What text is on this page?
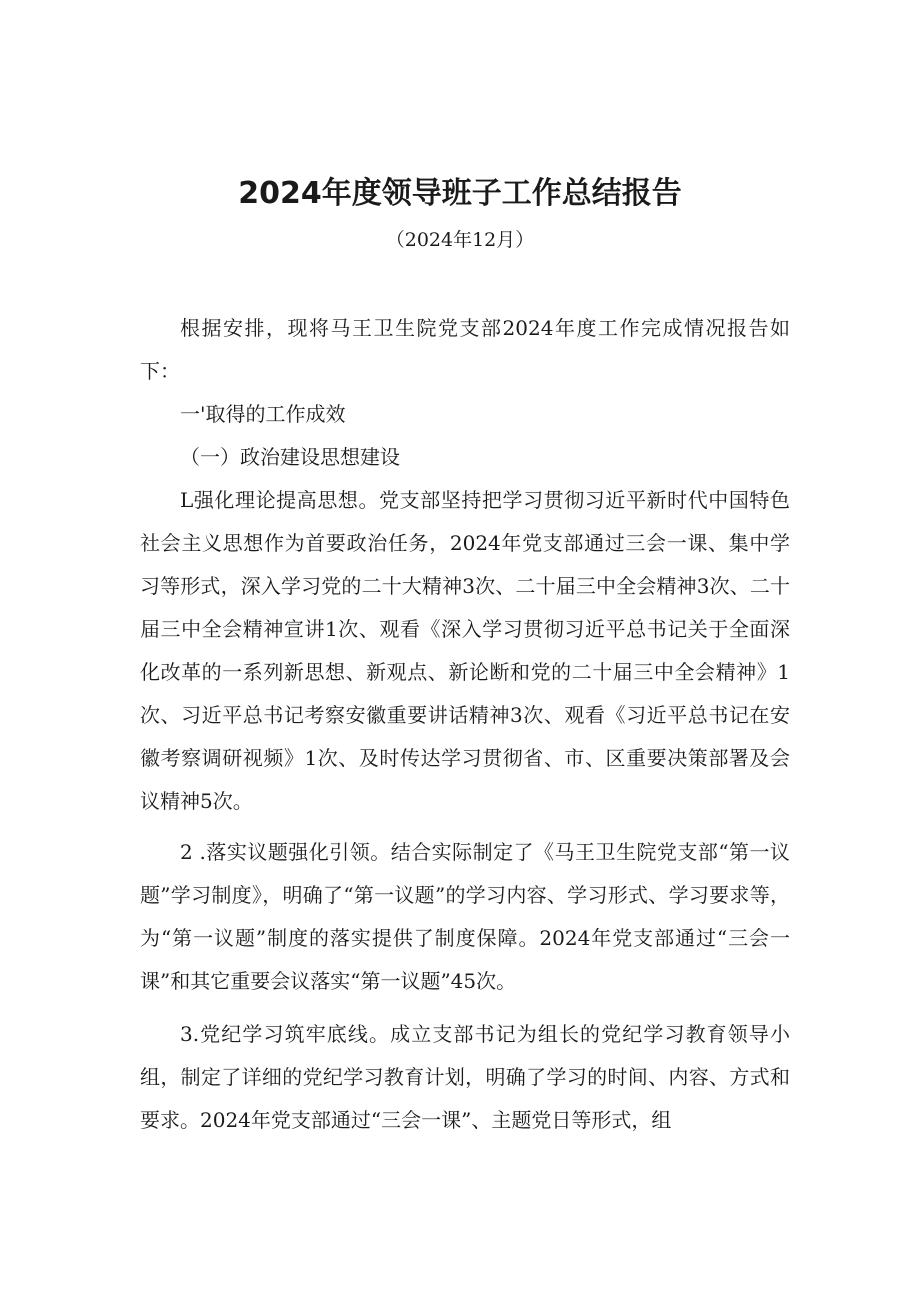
2024年度领导班子工作总结报告
（2024年12月）

根据安排，现将马王卫生院党支部2024年度工作完成情况报告如下：

一'取得的工作成效

（一）政治建设思想建设

L强化理论提高思想。党支部坚持把学习贯彻习近平新时代中国特色社会主义思想作为首要政治任务，2024年党支部通过三会一课、集中学习等形式，深入学习党的二十大精神3次、二十届三中全会精神3次、二十届三中全会精神宣讲1次、观看《深入学习贯彻习近平总书记关于全面深化改革的一系列新思想、新观点、新论断和党的二十届三中全会精神》1次、习近平总书记考察安徽重要讲话精神3次、观看《习近平总书记在安徽考察调研视频》1次、及时传达学习贯彻省、市、区重要决策部署及会议精神5次。

2 .落实议题强化引领。结合实际制定了《马王卫生院党支部“第一议题”学习制度》，明确了“第一议题”的学习内容、学习形式、学习要求等，为“第一议题”制度的落实提供了制度保障。2024年党支部通过“三会一课”和其它重要会议落实“第一议题”45次。

3.党纪学习筑牢底线。成立支部书记为组长的党纪学习教育领导小组，制定了详细的党纪学习教育计划，明确了学习的时间、内容、方式和要求。2024年党支部通过“三会一课”、主题党日等形式，组
